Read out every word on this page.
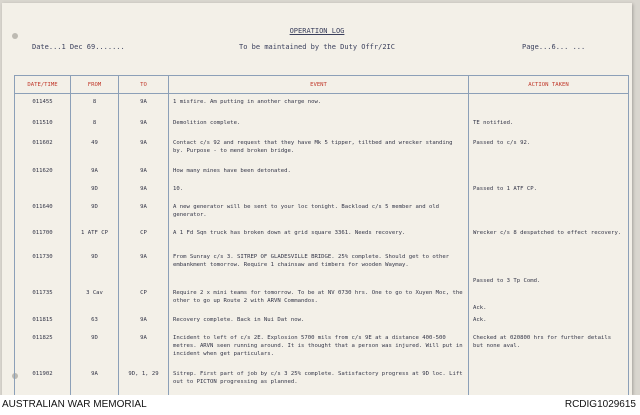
OPERATION LOG
Date...1 Dec 69.......	To be maintained by the Duty Offr/2IC	Page...6... ...
DATE/TIME	FROM	TO	EVENT	ACTION TAKEN
011455	8	9A	1 misfire. Am putting in another charge now.	
011510	8	9A	Demolition complete.	TE notified.
011602	49	9A	Contact c/s 92 and request that they have Mk 5 tipper, tiltbed and wrecker standing by. Purpose - to mend broken bridge.	Passed to c/s 92.
011620	9A	9A	How many mines have been detonated.	
	9D	9A	10.	Passed to 1 ATF CP.
011640	9D	9A	A new generator will be sent to your loc tonight. Backload c/s 5 member and old generator.	
011700	1 ATF CP	CP	A 1 Fd Sqn truck has broken down at grid square 3361. Needs recovery.	Wrecker c/s 8 despatched to effect recovery.
011730	9D	9A	From Sunray c/s 3. SITREP OF GLADESVILLE BRIDGE. 25% complete. Should get to other embankment tomorrow. Require 1 chainsaw and timbers for wooden Waymay.	Passed to 3 Tp Comd.
011735	3 Cav	CP	Require 2 x mini teams for tomorrow. To be at NV 0730 hrs. One to go to Xuyen Moc, the other to go up Route 2 with ARVN Commandos.	Ack.
011815	63	9A	Recovery complete. Back in Nui Dat now.	Ack.
011825	9D	9A	Incident to left of c/s 2E. Explosion 5700 mils from c/s 9E at a distance 400-500 metres. ARVN seen running around. It is thought that a person was injured. Will put in incident when get particulars.	Checked at 020800 hrs for further details but none aval.
011902	9A	9D, 1, 29	Sitrep. First part of job by c/s 3 25% complete. Satisfactory progress at 9D loc. Lift out to PICTON progressing as planned.	
AUSTRALIAN WAR MEMORIAL	RCDIG1029615
